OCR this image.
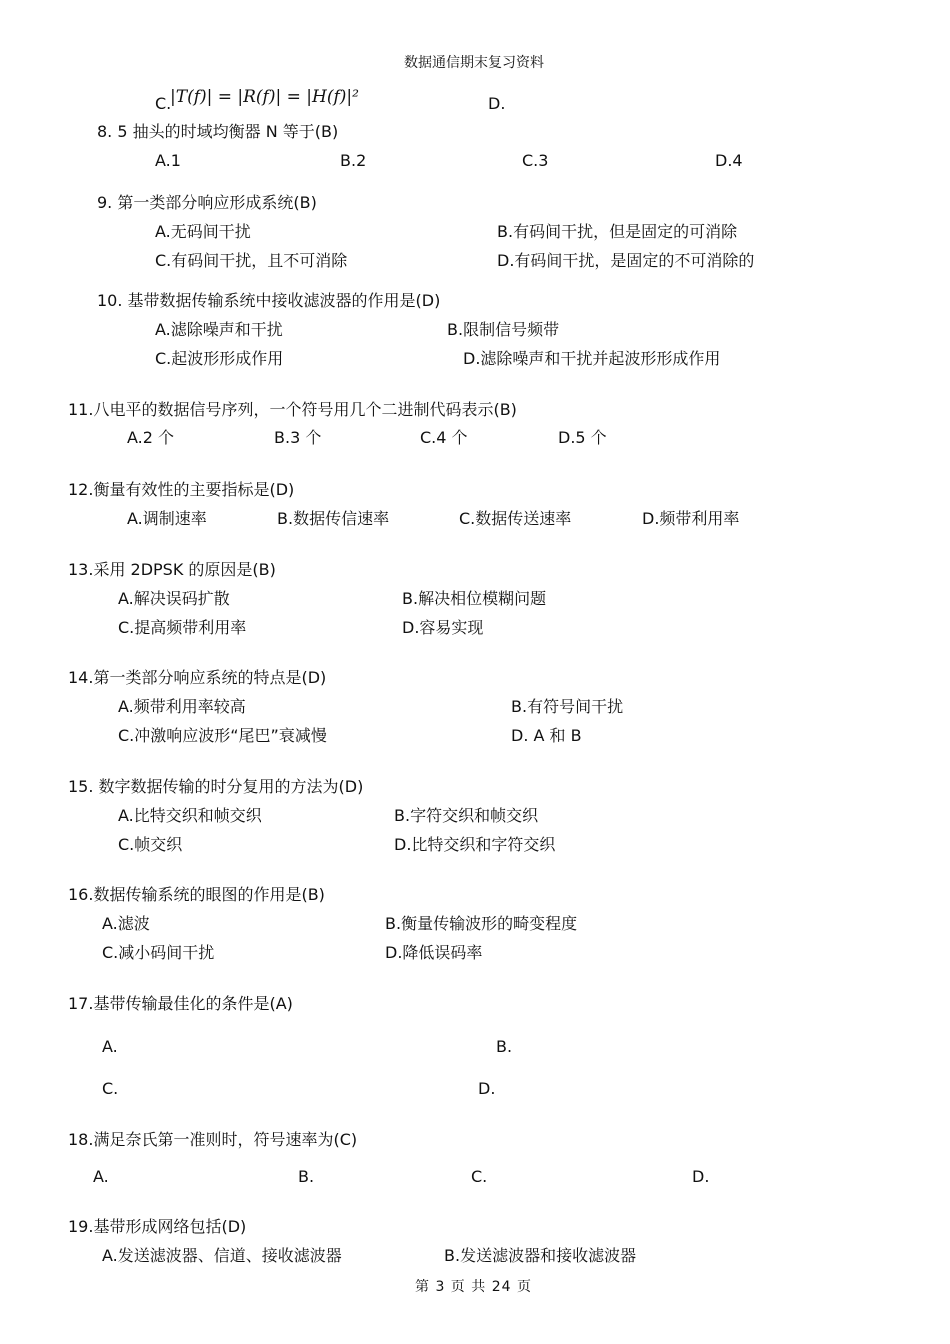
数据通信期末复习资料
C.
|T(f)| = |R(f)| = |H(f)|²	D.
8. 5 抽头的时域均衡器 N 等于(B)
A.1	B.2	C.3	D.4
9. 第一类部分响应形成系统(B)
A.无码间干扰	B.有码间干扰，但是固定的可消除
C.有码间干扰，且不可消除	D.有码间干扰，是固定的不可消除的
10. 基带数据传输系统中接收滤波器的作用是(D)
A.滤除噪声和干扰	B.限制信号频带
C.起波形形成作用	D.滤除噪声和干扰并起波形形成作用
11.八电平的数据信号序列，一个符号用几个二进制代码表示(B)
A.2 个	B.3 个	C.4 个	D.5 个
12.衡量有效性的主要指标是(D)
A.调制速率	B.数据传信速率	C.数据传送速率	D.频带利用率
13.采用 2DPSK 的原因是(B)
A.解决误码扩散	B.解决相位模糊问题
C.提高频带利用率	D.容易实现
14.第一类部分响应系统的特点是(D)
A.频带利用率较高	B.有符号间干扰
C.冲激响应波形“尾巴”衰减慢	D. A 和 B
15. 数字数据传输的时分复用的方法为(D)
A.比特交织和帧交织	B.字符交织和帧交织
C.帧交织	D.比特交织和字符交织
16.数据传输系统的眼图的作用是(B)
A.滤波	B.衡量传输波形的畸变程度
C.减小码间干扰	D.降低误码率
17.基带传输最佳化的条件是(A)
A.	B.
C.	D.
18.满足奈氏第一准则时，符号速率为(C)
A.	B.	C.	D.
19.基带形成网络包括(D)
A.发送滤波器、信道、接收滤波器	B.发送滤波器和接收滤波器
第 3 页 共 24 页
